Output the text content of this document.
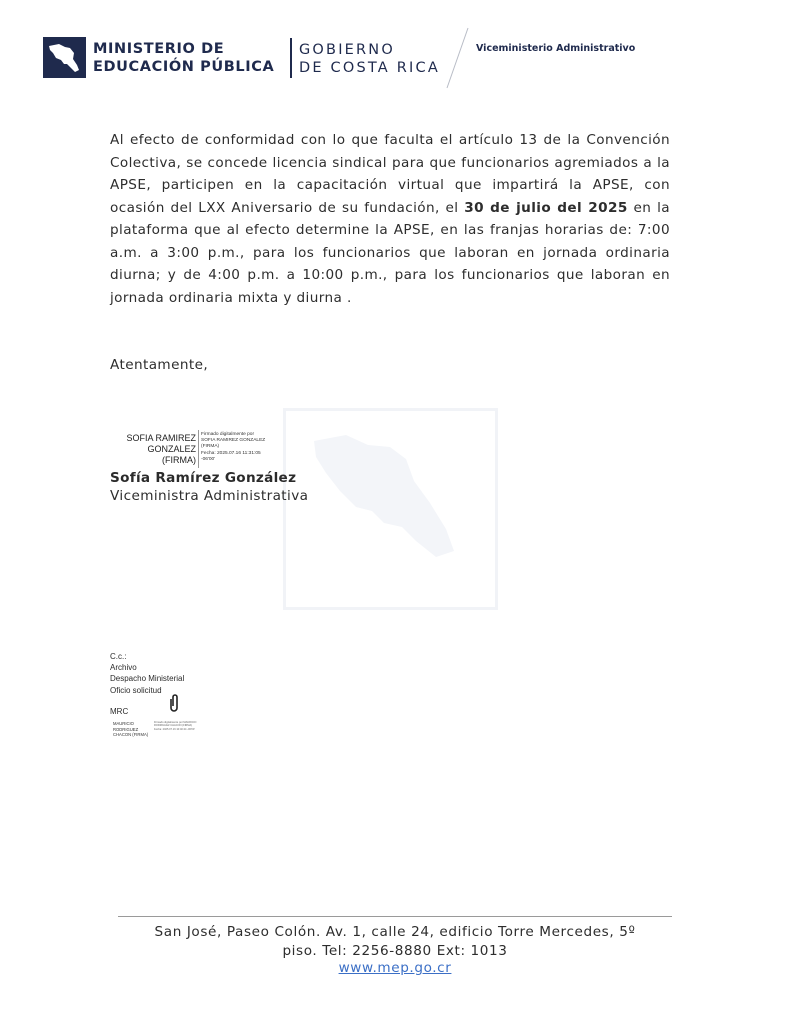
MINISTERIO DE
EDUCACIÓN PÚBLICA
GOBIERNO
DE COSTA RICA
Viceministerio Administrativo
Al efecto de conformidad con lo que faculta el artículo 13 de la Convención Colectiva, se concede licencia sindical para que funcionarios agremiados a la APSE, participen en la capacitación virtual que impartirá la APSE, con ocasión del LXX Aniversario de su fundación, el 30 de julio del 2025 en la plataforma que al efecto determine la APSE, en las franjas horarias de: 7:00 a.m. a 3:00 p.m., para los funcionarios que laboran en jornada ordinaria diurna; y de 4:00 p.m. a 10:00 p.m., para los funcionarios que laboran en jornada ordinaria mixta y diurna .
Atentamente,
SOFIA RAMIREZ
GONZALEZ
(FIRMA)
Firmado digitalmente por
SOFIA RAMIREZ GONZALEZ
(FIRMA)
Fecha: 2025.07.16 11:31:05
-06'00'
Sofía Ramírez González
Viceministra Administrativa
C.c.:
Archivo
Despacho Ministerial
Oficio solicitud
MRC
MAURICIO RODRIGUEZ
CHACON (FIRMA)
Firmado digitalmente por MAURICIO
RODRIGUEZ CHACON (FIRMA)
Fecha: 2025.07.16 10:40:24 -06'00'
San José, Paseo Colón. Av. 1, calle 24, edificio Torre Mercedes, 5º
piso. Tel: 2256-8880 Ext: 1013
www.mep.go.cr
